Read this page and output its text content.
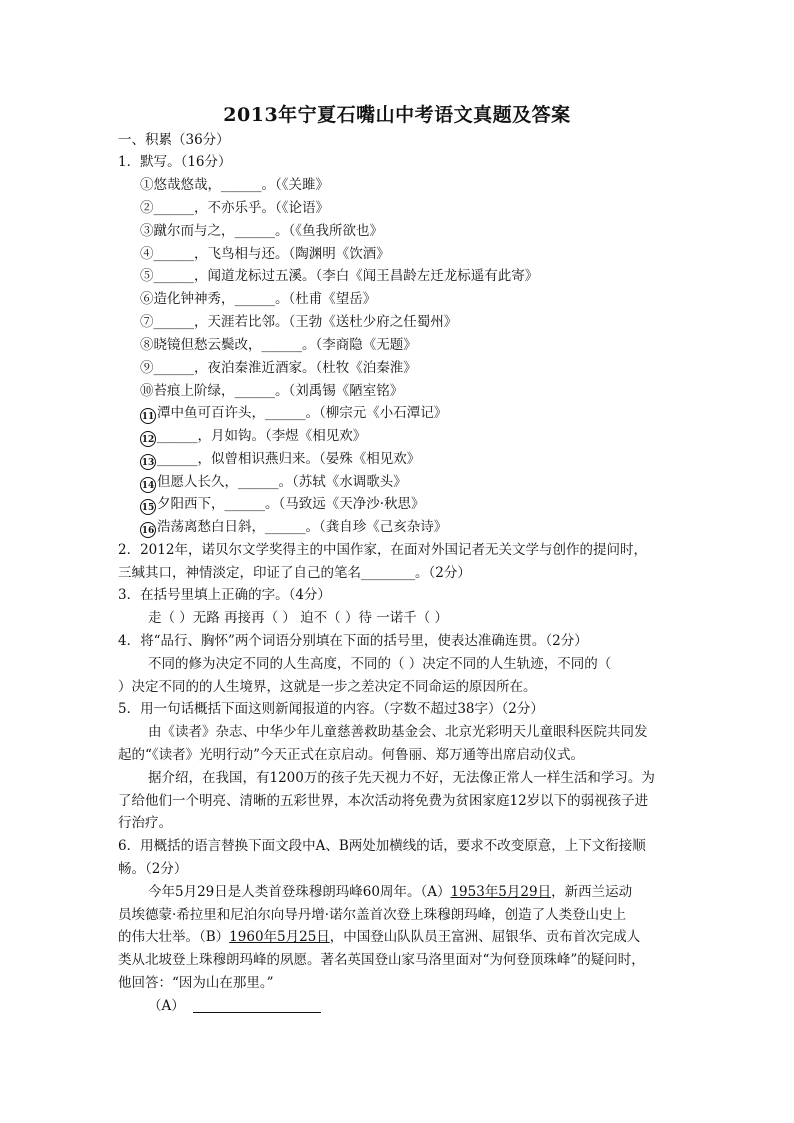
2013年宁夏石嘴山中考语文真题及答案
一、积累（36分）
1．默写。（16分）
①悠哉悠哉，______。（《关雎》
②______，不亦乐乎。（《论语》
③蹴尔而与之，______。（《鱼我所欲也》
④______，飞鸟相与还。（陶渊明《饮酒》
⑤______，闻道龙标过五溪。（李白《闻王昌龄左迁龙标遥有此寄》
⑥造化钟神秀，______。（杜甫《望岳》
⑦______，天涯若比邻。（王勃《送杜少府之任蜀州》
⑧晓镜但愁云鬓改，______。（李商隐《无题》
⑨______，夜泊秦淮近酒家。（杜牧《泊秦淮》
⑩苔痕上阶绿，______。（刘禹锡《陋室铭》
11 潭中鱼可百许头，______。（柳宗元《小石潭记》
12 ______，月如钩。（李煜《相见欢》
13 ______，似曾相识燕归来。（晏殊《相见欢》
14 但愿人长久，______。（苏轼《水调歌头》
15 夕阳西下，______。（马致远《天净沙·秋思》
16 浩荡离愁白日斜，______。（龚自珍《己亥杂诗》
2．2012年，诺贝尔文学奖得主的中国作家，在面对外国记者无关文学与创作的提问时，
三缄其口，神情淡定，印证了自己的笔名________。（2分）
3．在括号里填上正确的字。（4分）
走（ ）无路 再接再（ ） 迫不（ ）待 一诺千（ ）
4．将“品行、胸怀”两个词语分别填在下面的括号里，使表达准确连贯。（2分）
不同的修为决定不同的人生高度，不同的（ ）决定不同的人生轨迹，不同的（
）决定不同的的人生境界，这就是一步之差决定不同命运的原因所在。
5．用一句话概括下面这则新闻报道的内容。（字数不超过38字）（2分）
由《读者》杂志、中华少年儿童慈善救助基金会、北京光彩明天儿童眼科医院共同发
起的“《读者》光明行动”今天正式在京启动。何鲁丽、郑万通等出席启动仪式。
据介绍，在我国，有1200万的孩子先天视力不好，无法像正常人一样生活和学习。为
了给他们一个明亮、清晰的五彩世界，本次活动将免费为贫困家庭12岁以下的弱视孩子进
行治疗。
6．用概括的语言替换下面文段中A、B两处加横线的话，要求不改变原意，上下文衔接顺
畅。（2分）
今年5月29日是人类首登珠穆朗玛峰60周年。（A）1953年5月29日，新西兰运动
员埃德蒙·希拉里和尼泊尔向导丹增·诺尔盖首次登上珠穆朗玛峰，创造了人类登山史上
的伟大壮举。（B）1960年5月25日，中国登山队队员王富洲、屈银华、贡布首次完成人
类从北坡登上珠穆朗玛峰的夙愿。著名英国登山家马洛里面对“为何登顶珠峰”的疑问时，
他回答：“因为山在那里。”
（A）
